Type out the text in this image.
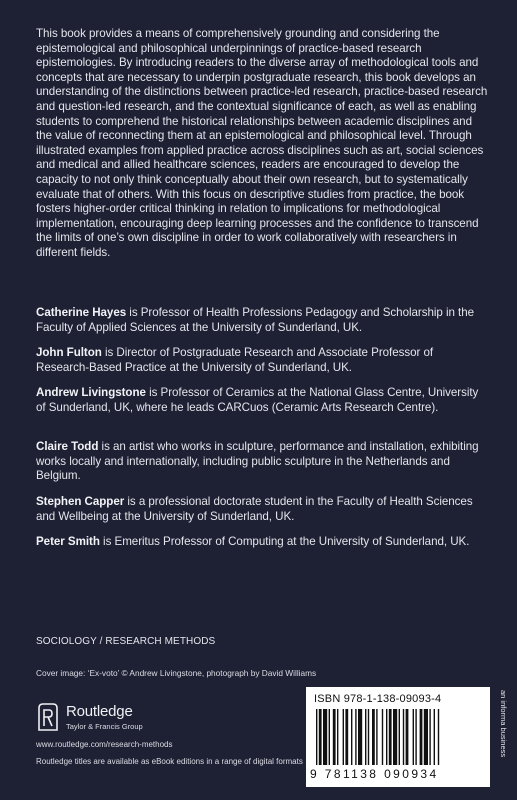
This book provides a means of comprehensively grounding and considering the epistemological and philosophical underpinnings of practice-based research epistemologies. By introducing readers to the diverse array of methodological tools and concepts that are necessary to underpin postgraduate research, this book develops an understanding of the distinctions between practice-led research, practice-based research and question-led research, and the contextual significance of each, as well as enabling students to comprehend the historical relationships between academic disciplines and the value of reconnecting them at an epistemological and philosophical level. Through illustrated examples from applied practice across disciplines such as art, social sciences and medical and allied healthcare sciences, readers are encouraged to develop the capacity to not only think conceptually about their own research, but to systematically evaluate that of others. With this focus on descriptive studies from practice, the book fosters higher-order critical thinking in relation to implications for methodological implementation, encouraging deep learning processes and the confidence to transcend the limits of one’s own discipline in order to work collaboratively with researchers in different fields.

Catherine Hayes is Professor of Health Professions Pedagogy and Scholarship in the Faculty of Applied Sciences at the University of Sunderland, UK.

John Fulton is Director of Postgraduate Research and Associate Professor of Research-Based Practice at the University of Sunderland, UK.

Andrew Livingstone is Professor of Ceramics at the National Glass Centre, University of Sunderland, UK, where he leads CARCuos (Ceramic Arts Research Centre).

Claire Todd is an artist who works in sculpture, performance and installation, exhibiting works locally and internationally, including public sculpture in the Netherlands and Belgium.

Stephen Capper is a professional doctorate student in the Faculty of Health Sciences and Wellbeing at the University of Sunderland, UK.

Peter Smith is Emeritus Professor of Computing at the University of Sunderland, UK.

SOCIOLOGY / RESEARCH METHODS
Cover image: ‘Ex-voto’ © Andrew Livingstone, photograph by David Williams
Routledge
Taylor & Francis Group
www.routledge.com/research-methods
Routledge titles are available as eBook editions in a range of digital formats
ISBN 978-1-138-09093-4
9 781138 090934
an informa business
